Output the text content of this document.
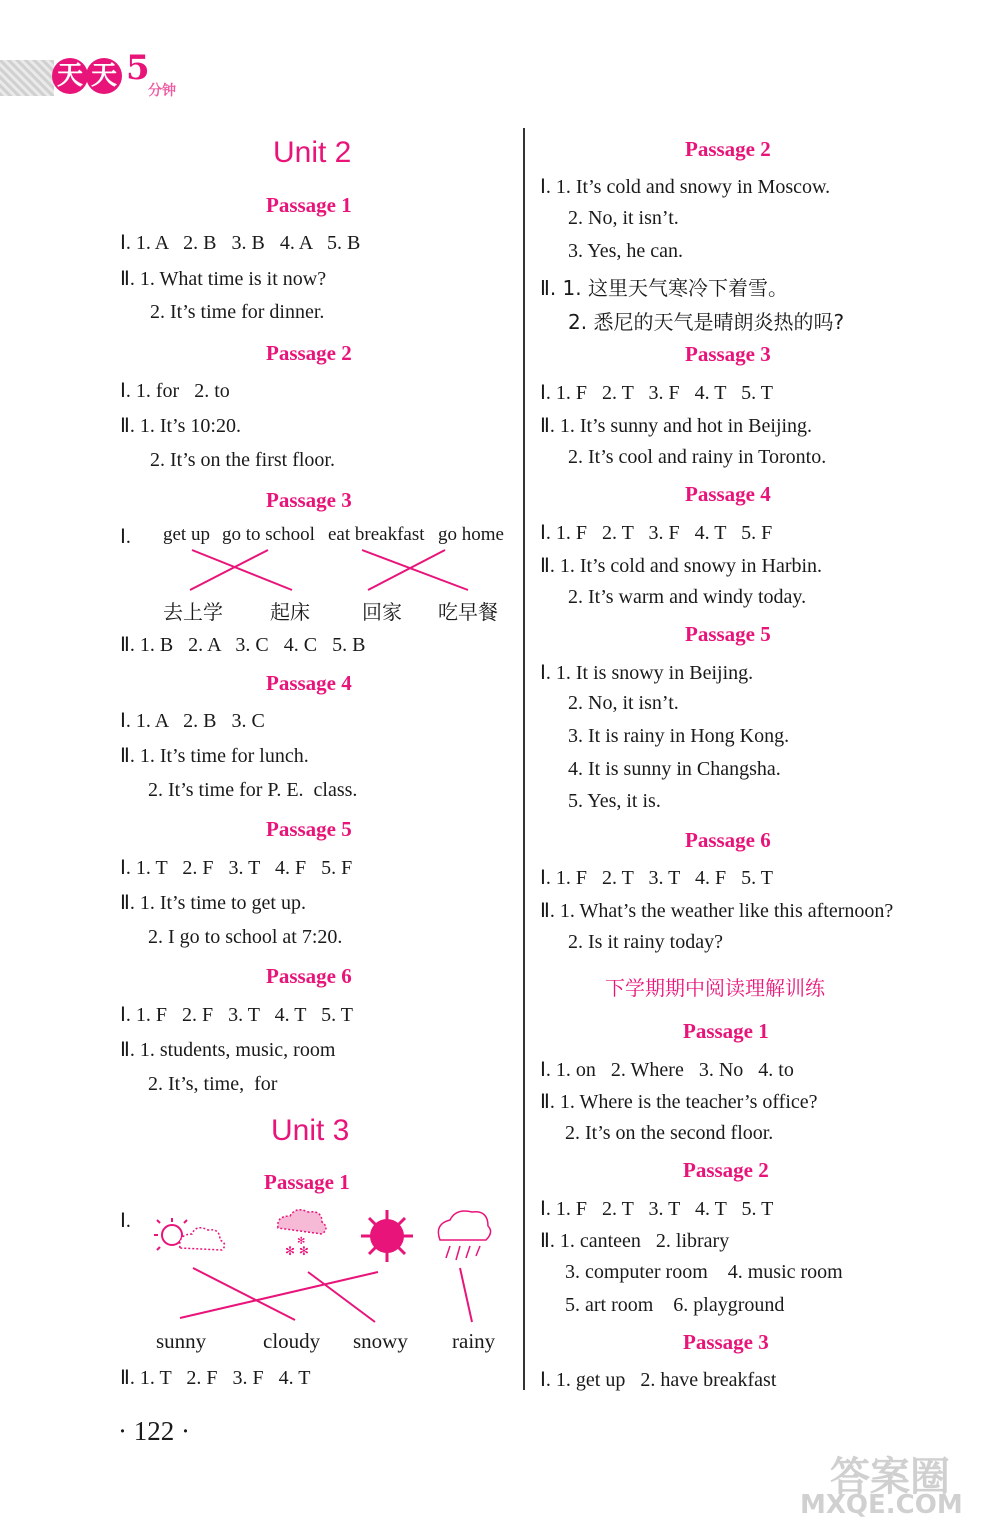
天 天 5
分钟
Unit 2
Passage 1
Ⅰ. 1. A   2. B   3. B   4. A   5. B
Ⅱ. 1. What time is it now?
2. It’s time for dinner.
Passage 2
Ⅰ. 1. for   2. to
Ⅱ. 1. It’s 10:20.
2. It’s on the first floor.
Passage 3
Ⅰ. get up go to school eat breakfast go home
去上学 起床	回家 吃早餐
Ⅱ. 1. B   2. A   3. C   4. C   5. B
Passage 4
Ⅰ. 1. A   2. B   3. C
Ⅱ. 1. It’s time for lunch.
2. It’s time for P. E.  class.
Passage 5
Ⅰ. 1. T   2. F   3. T   4. F   5. F
Ⅱ. 1. It’s time to get up.
2. I go to school at 7:20.
Passage 6
Ⅰ. 1. F   2. F   3. T   4. T   5. T
Ⅱ. 1. students, music, room
2. It’s, time,  for
Unit 3
Passage 1
Ⅰ.
✻ ✻
✻
sunny	cloudy snowy rainy
Ⅱ. 1. T   2. F   3. F   4. T
· 122 ·
Passage 2
Ⅰ. 1. It’s cold and snowy in Moscow.
2. No, it isn’t.
3. Yes, he can.
Ⅱ. 1. 这里天气寒冷下着雪。
2. 悉尼的天气是晴朗炎热的吗?
Passage 3
Ⅰ. 1. F   2. T   3. F   4. T   5. T
Ⅱ. 1. It’s sunny and hot in Beijing.
2. It’s cool and rainy in Toronto.
Passage 4
Ⅰ. 1. F   2. T   3. F   4. T   5. F
Ⅱ. 1. It’s cold and snowy in Harbin.
2. It’s warm and windy today.
Passage 5
Ⅰ. 1. It is snowy in Beijing.
2. No, it isn’t.
3. It is rainy in Hong Kong.
4. It is sunny in Changsha.
5. Yes, it is.
Passage 6
Ⅰ. 1. F   2. T   3. T   4. F   5. T
Ⅱ. 1. What’s the weather like this afternoon?
2. Is it rainy today?
下学期期中阅读理解训练
Passage 1
Ⅰ. 1. on   2. Where   3. No   4. to
Ⅱ. 1. Where is the teacher’s office?
2. It’s on the second floor.
Passage 2
Ⅰ. 1. F   2. T   3. T   4. T   5. T
Ⅱ. 1. canteen   2. library
3. computer room    4. music room
5. art room    6. playground
Passage 3
Ⅰ. 1. get up   2. have breakfast
答案圈
MXQE.COM
